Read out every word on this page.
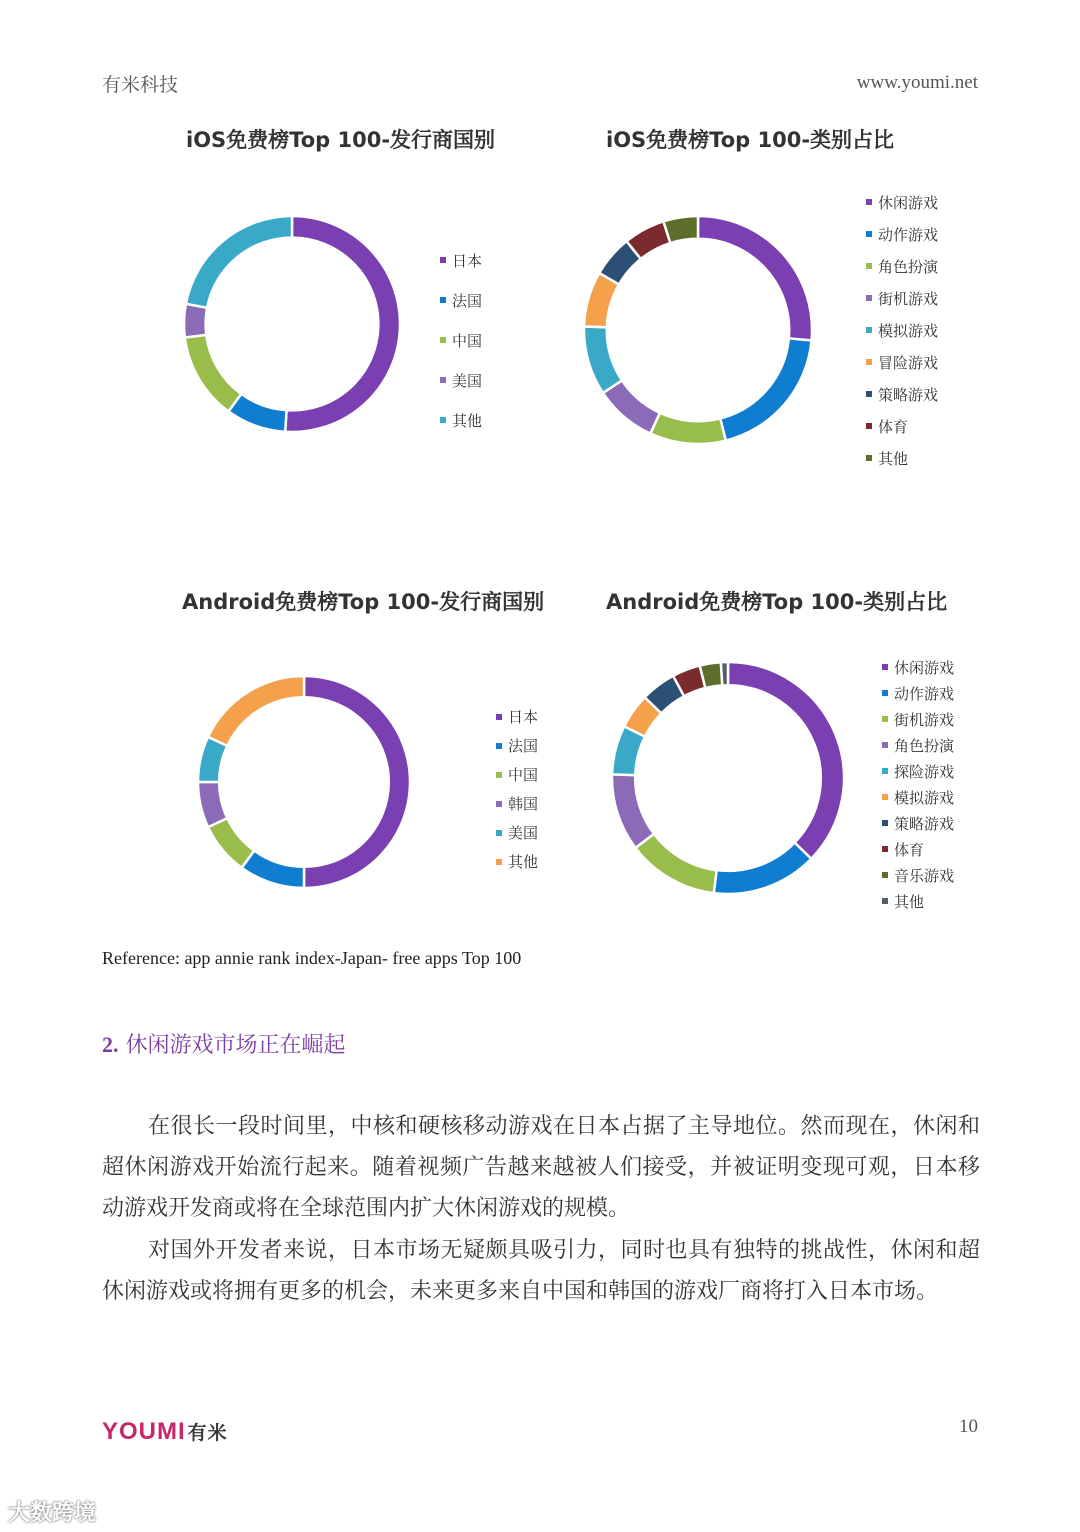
有米科技	www.youmi.net
iOS免费榜Top 100-发行商国别
日本
法国
中国
美国
其他
iOS免费榜Top 100-类别占比
休闲游戏
动作游戏
角色扮演
街机游戏
模拟游戏
冒险游戏
策略游戏
体育
其他
Android免费榜Top 100-发行商国别
日本
法国
中国
韩国
美国
其他
Android免费榜Top 100-类别占比
休闲游戏
动作游戏
街机游戏
角色扮演
探险游戏
模拟游戏
策略游戏
体育
音乐游戏
其他
Reference: app annie rank index-Japan- free apps Top 100
2. 休闲游戏市场正在崛起

在很长一段时间里，中核和硬核移动游戏在日本占据了主导地位。然而现在，休闲和超休闲游戏开始流行起来。随着视频广告越来越被人们接受，并被证明变现可观，日本移动游戏开发商或将在全球范围内扩大休闲游戏的规模。

对国外开发者来说，日本市场无疑颇具吸引力，同时也具有独特的挑战性，休闲和超休闲游戏或将拥有更多的机会，未来更多来自中国和韩国的游戏厂商将打入日本市场。

YOUMI 有米	10
大数跨境
